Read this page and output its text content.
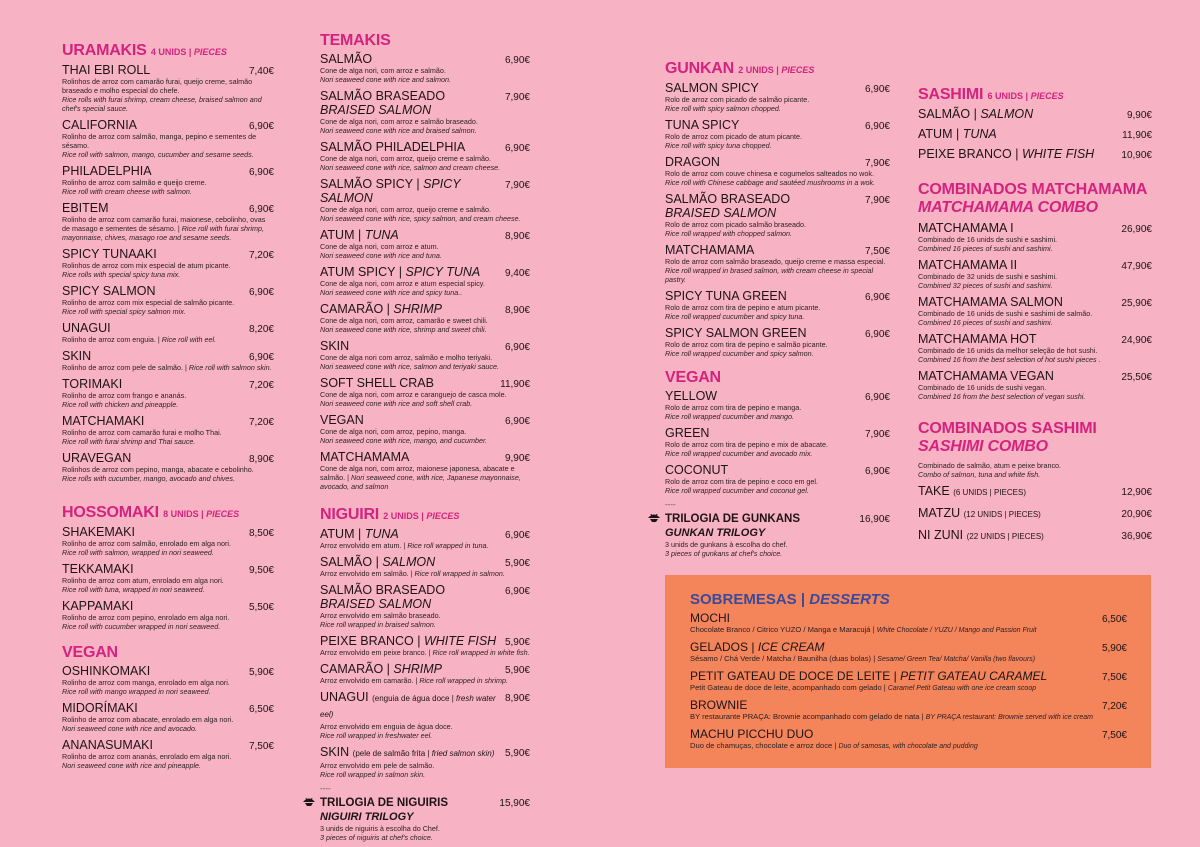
URAMAKIS 4 UNIDS | PIECES
THAI EBI ROLL	7,40€
Rolinhos de arroz com camarão furai, queijo creme, salmão braseado e molho especial do chefe.
Rice rolls with furai shrimp, cream cheese, braised salmon and chef's special sauce.
CALIFORNIA	6,90€
Rolinho de arroz com salmão, manga, pepino e sementes de sésamo.
Rice roll with salmon, mango, cucumber and sesame seeds.
PHILADELPHIA	6,90€
Rolinho de arroz com salmão e queijo creme.
Rice roll with cream cheese with salmon.
EBITEM	6,90€
Rolinho de arroz com camarão furai, maionese, cebolinho, ovas de masago e sementes de sésamo. | Rice roll with furai shrimp, mayonnaise, chives, masago roe and sesame seeds.
SPICY TUNAAKI	7,20€
Rolinhos de arroz com mix especial de atum picante.
Rice rolls with special spicy tuna mix.
SPICY SALMON	6,90€
Rolinho de arroz com mix especial de salmão picante.
Rice roll with special spicy salmon mix.
UNAGUI	8,20€
Rolinho de arroz com enguia. | Rice roll with eel.
SKIN	6,90€
Rolinho de arroz com pele de salmão. | Rice roll with salmon skin.
TORIMAKI	7,20€
Rolinho de arroz com frango e ananás.
Rice roll with chicken and pineapple.
MATCHAMAKI	7,20€
Rolinho de arroz com camarão furai e molho Thai.
Rice roll with furai shrimp and Thai sauce.
URAVEGAN	8,90€
Rolinhos de arroz com pepino, manga, abacate e cebolinho.
Rice rolls with cucumber, mango, avocado and chives.
HOSSOMAKI 8 UNIDS | PIECES
SHAKEMAKI	8,50€
Rolinho de arroz com salmão, enrolado em alga nori.
Rice roll with salmon, wrapped in nori seaweed.
TEKKAMAKI	9,50€
Rolinho de arroz com atum, enrolado em alga nori.
Rice roll with tuna, wrapped in nori seaweed.
KAPPAMAKI	5,50€
Rolinho de arroz com pepino, enrolado em alga nori.
Rice roll with cucumber wrapped in nori seaweed.
VEGAN
OSHINKOMAKI	5,90€
Rolinho de arroz com manga, enrolado em alga nori.
Rice roll with mango wrapped in nori seaweed.
MIDORÍMAKI	6,50€
Rolinho de arroz com abacate, enrolado em alga nori.
Nori seaweed cone with rice and avocado.
ANANASUMAKI	7,50€
Rolinho de arroz com ananás, enrolado em alga nori.
Nori seaweed cone with rice and pineapple.
TEMAKIS
SALMÃO	6,90€
Cone de alga nori, com arroz e salmão.
Nori seaweed cone with rice and salmon.
SALMÃO BRASEADO	7,90€
BRAISED SALMON
Cone de alga nori, com arroz e salmão braseado.
Nori seaweed cone with rice and braised salmon.
SALMÃO PHILADELPHIA	6,90€
Cone de alga nori, com arroz, queijo creme e salmão.
Nori seaweed cone with rice, salmon and cream cheese.
SALMÃO SPICY | SPICY SALMON
7,90€
Cone de alga nori, com arroz, queijo creme e salmão.
Nori seaweed cone with rice, spicy salmon, and cream cheese.
ATUM | TUNA	8,90€
Cone de alga nori, com arroz e atum.
Nori seaweed cone with rice and tuna.
ATUM SPICY | SPICY TUNA 9,40€
Cone de alga nori, com arroz e atum especial spicy.
Nori seaweed cone with rice and spicy tuna..
CAMARÃO | SHRIMP	8,90€
Cone de alga nori, com arroz, camarão e sweet chili.
Nori seaweed cone with rice, shrimp and sweet chili.
SKIN	6,90€
Cone de alga nori com arroz, salmão e molho teriyaki.
Nori seaweed cone with rice, salmon and teriyaki sauce.
SOFT SHELL CRAB	11,90€
Cone de alga nori, com arroz e caranguejo de casca mole.
Nori seaweed cone with rice and soft shell crab.
VEGAN	6,90€
Cone de alga nori, com arroz, pepino, manga.
Nori seaweed cone with rice, mango, and cucumber.
MATCHAMAMA	9,90€
Cone de alga nori, com arroz, maionese japonesa, abacate e salmão. | Nori seaweed cone, with rice, Japanese mayonnaise, avocado, and salmon
NIGUIRI 2 UNIDS | PIECES
ATUM | TUNA	6,90€
Arroz envolvido em atum. | Rice roll wrapped in tuna.
SALMÃO | SALMON	5,90€
Arroz envolvido em salmão. | Rice roll wrapped in salmon.
SALMÃO BRASEADO	6,90€
BRAISED SALMON
Arroz envolvido em salmão braseado.
Rice roll wrapped in braised salmon.
PEIXE BRANCO | WHITE FISH 5,90€
Arroz envolvido em peixe branco. | Rice roll wrapped in white fish.
CAMARÃO | SHRIMP	5,90€
Arroz envolvido em camarão. | Rice roll wrapped in shrimp.
UNAGUI (enguia de água doce | fresh water eel)
8,90€
Arroz envolvido em enguia de água doce.
Rice roll wrapped in freshwater eel.
SKIN (pele de salmão frita | fried salmon skin) 5,90€
Arroz envolvido em pele de salmão.
Rice roll wrapped in salmon skin.
----
TRILOGIA DE NIGUIRIS	15,90€
NIGUIRI TRILOGY
3 unids de niguiris à escolha do Chef.
3 pieces of niguiris at chef's choice.
GUNKAN 2 UNIDS | PIECES
SALMON SPICY	6,90€
Rolo de arroz com picado de salmão picante.
Rice roll with spicy salmon chopped.
TUNA SPICY	6,90€
Rolo de arroz com picado de atum picante.
Rice roll with spicy tuna chopped.
DRAGON	7,90€
Rolo de arroz com couve chinesa e cogumelos salteados no wok.
Rice roll with Chinese cabbage and sautéed mushrooms in a wok.
SALMÃO BRASEADO	7,90€
BRAISED SALMON
Rolo de arroz com picado salmão braseado.
Rice roll wrapped with chopped salmon.
MATCHAMAMA	7,50€
Rolo de arroz com salmão braseado, queijo creme e massa especial.
Rice roll wrapped in brased salmon, with cream cheese in special pastry.
SPICY TUNA GREEN	6,90€
Rolo de arroz com tira de pepino e atum picante.
Rice roll wrapped cucumber and spicy tuna.
SPICY SALMON GREEN	6,90€
Rolo de arroz com tira de pepino e salmão picante.
Rice roll wrapped cucumber and spicy salmon.
VEGAN
YELLOW	6,90€
Rolo de arroz com tira de pepino e manga.
Rice roll wrapped cucumber and mango.
GREEN	7,90€
Rolo de arroz com tira de pepino e mix de abacate.
Rice roll wrapped cucumber and avocado mix.
COCONUT	6,90€
Rolo de arroz com tira de pepino e coco em gel.
Rice roll wrapped cucumber and coconut gel.
----
TRILOGIA DE GUNKANS	16,90€
GUNKAN TRILOGY
3 unids de gunkans à escolha do chef.
3 pieces of gunkans at chef's choice.
SASHIMI 6 UNIDS | PIECES
SALMÃO | SALMON	9,90€
ATUM | TUNA	11,90€
PEIXE BRANCO | WHITE FISH	10,90€
COMBINADOS MATCHAMAMA
MATCHAMAMA COMBO
MATCHAMAMA I	26,90€
Combinado de 16 unids de sushi e sashimi.
Combined 16 pieces of sushi and sashimi.
MATCHAMAMA II	47,90€
Combinado de 32 unids de sushi e sashimi.
Combined 32 pieces of sushi and sashimi.
MATCHAMAMA SALMON	25,90€
Combinado de 16 unids de sushi e sashimi de salmão.
Combined 16 pieces of sushi and sashimi.
MATCHAMAMA HOT	24,90€
Combinado de 16 unids da melhor seleção de hot sushi.
Combined 16 from the best selection of hot sushi pieces .
MATCHAMAMA VEGAN	25,50€
Combinado de 16 unids de sushi vegan.
Combined 16 from the best selection of vegan sushi.
COMBINADOS SASHIMI
SASHIMI COMBO
Combinado de salmão, atum e peixe branco.
Combo of salmon, tuna and white fish.
TAKE (6 UNIDS | PIECES)	12,90€
MATZU (12 UNIDS | PIECES)	20,90€
NI ZUNI (22 UNIDS | PIECES)	36,90€
SOBREMESAS | DESSERTS
MOCHI	6,50€
Chocolate Branco / Citrico YUZO / Manga e Maracujá | White Chocolate / YUZU / Mango and Passion Fruit
GELADOS | ICE CREAM	5,90€
Sésamo / Chá Verde / Matcha / Baunilha (duas bolas) | Sesame/ Green Tea/ Matcha/ Vanilla (two flavours)
PETIT GATEAU DE DOCE DE LEITE | PETIT GATEAU CARAMEL	7,50€
Petit Gateau de doce de leite, acompanhado com gelado | Caramel Petit Gateau with one ice cream scoop
BROWNIE	7,20€
BY restaurante PRAÇA: Brownie acompanhado com gelado de nata | BY PRAÇA restaurant: Brownie served with ice cream
MACHU PICCHU DUO	7,50€
Duo de chamuças, chocolate e arroz doce | Duo of samosas, with chocolate and pudding
